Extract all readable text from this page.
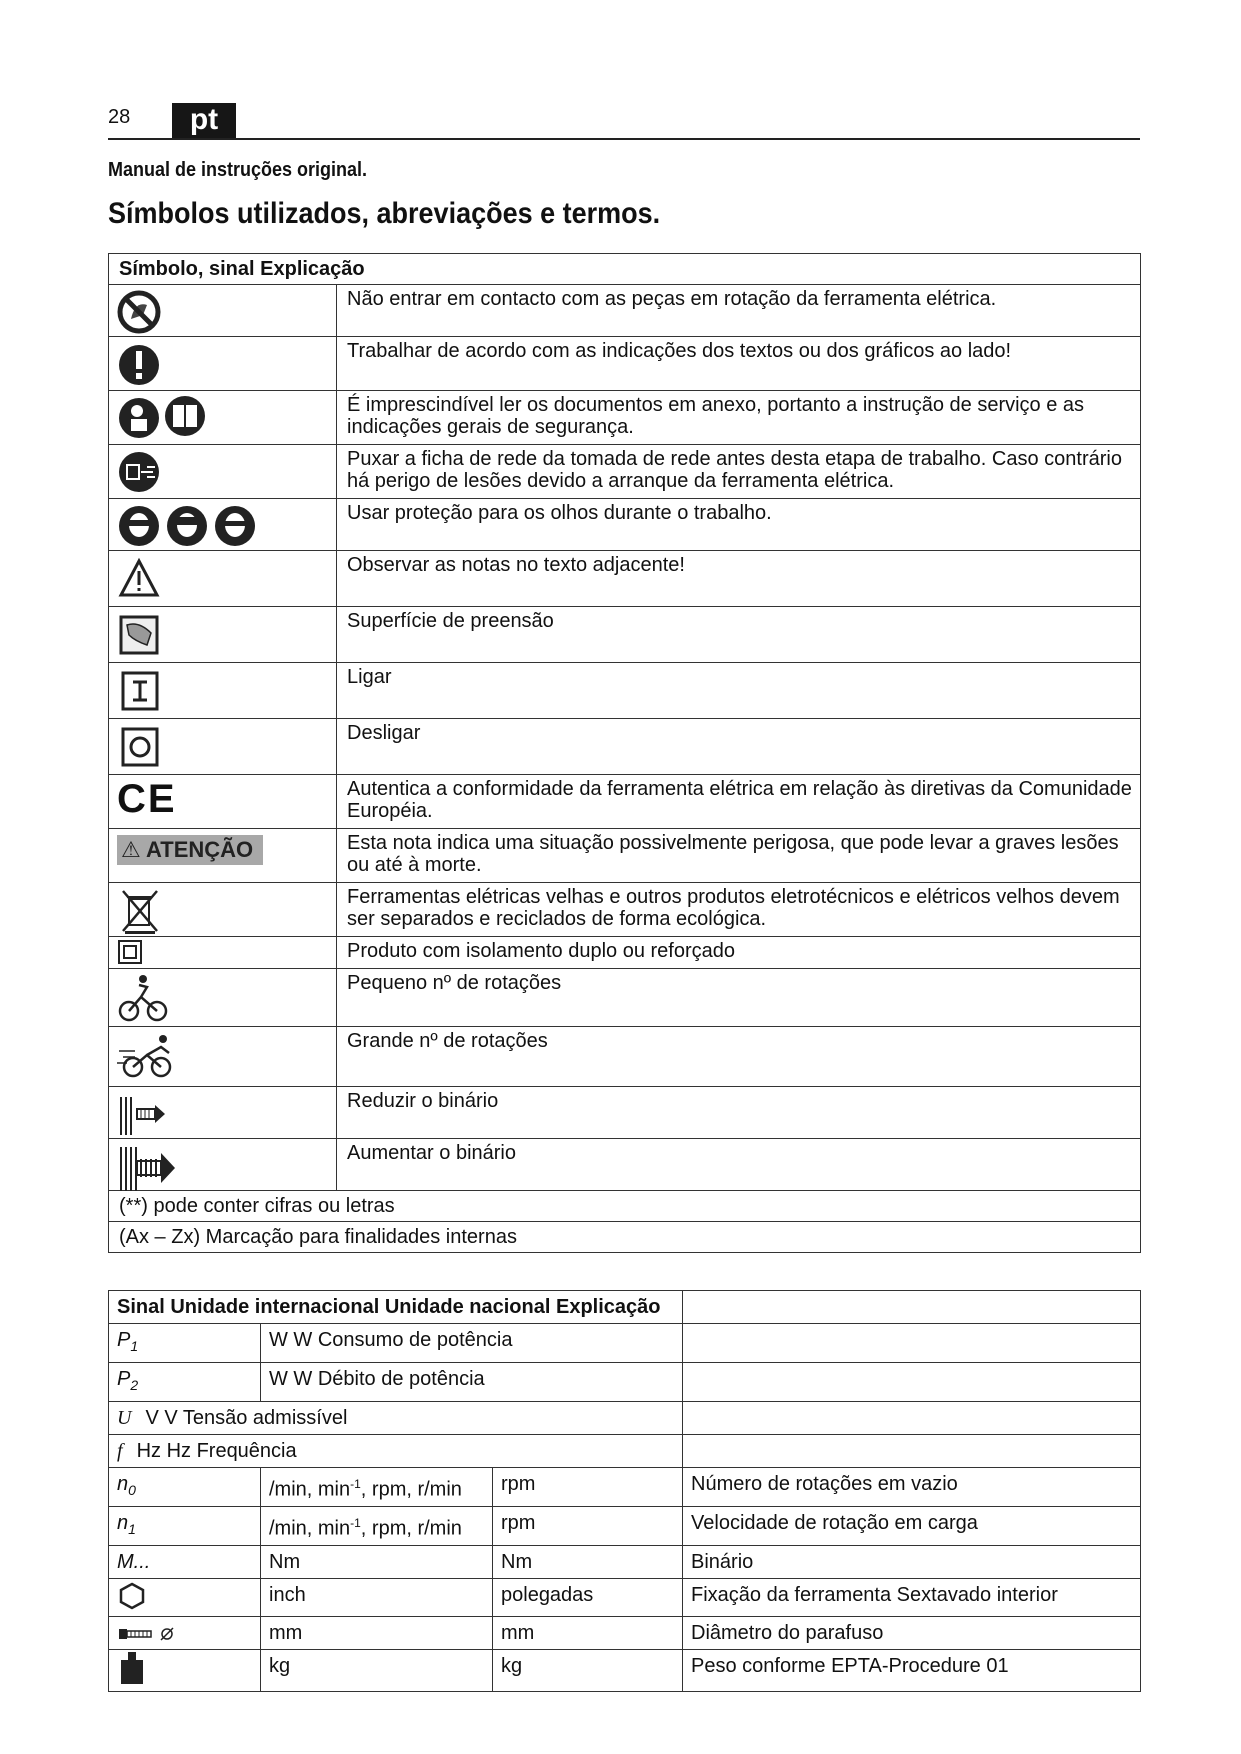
28	pt
Manual de instruções original.
Símbolos utilizados, abreviações e termos.
Símbolo, sinal Explicação	

	Não entrar em contacto com as peças em rotação da ferramenta elétrica.

	Trabalhar de acordo com as indicações dos textos ou dos gráficos ao lado!

	É imprescindível ler os documentos em anexo, portanto a instrução de serviço e as indicações gerais de segurança.

	Puxar a ficha de rede da tomada de rede antes desta etapa de trabalho. Caso contrário há perigo de lesões devido a arranque da ferramenta elétrica.

	Usar proteção para os olhos durante o trabalho.

	Observar as notas no texto adjacente!

	Superfície de preensão

	Ligar

	Desligar

CE	Autentica a conformidade da ferramenta elétrica em relação às diretivas da Comunidade Européia.
⚠ ATENÇÃO	Esta nota indica uma situação possivelmente perigosa, que pode levar a graves lesões ou até à morte.

	Ferramentas elétricas velhas e outros produtos eletrotécnicos e elétricos velhos devem ser separados e reciclados de forma ecológica.

	Produto com isolamento duplo ou reforçado

	Pequeno nº de rotações

	Grande nº de rotações

	Reduzir o binário

	Aumentar o binário
(**) pode conter cifras ou letras	
(Ax – Zx) Marcação para finalidades internas	
Sinal Unidade internacional Unidade nacional Explicação			
$P_1$	W W Consumo de potência		
$P_2$	W W Débito de potência		
U V V Tensão admissível			
f Hz Hz Frequência			
$n_0$	/min, $\min^{-1}$, rpm, r/min	rpm	Número de rotações em vazio
$n_1$	/min, $\min^{-1}$, rpm, r/min	rpm	Velocidade de rotação em carga
M...	Nm	Nm	Binário
	inch	polegadas	Fixação da ferramenta Sextavado interior
	mm	mm	Diâmetro do parafuso
	kg	kg	Peso conforme EPTA-Procedure 01
